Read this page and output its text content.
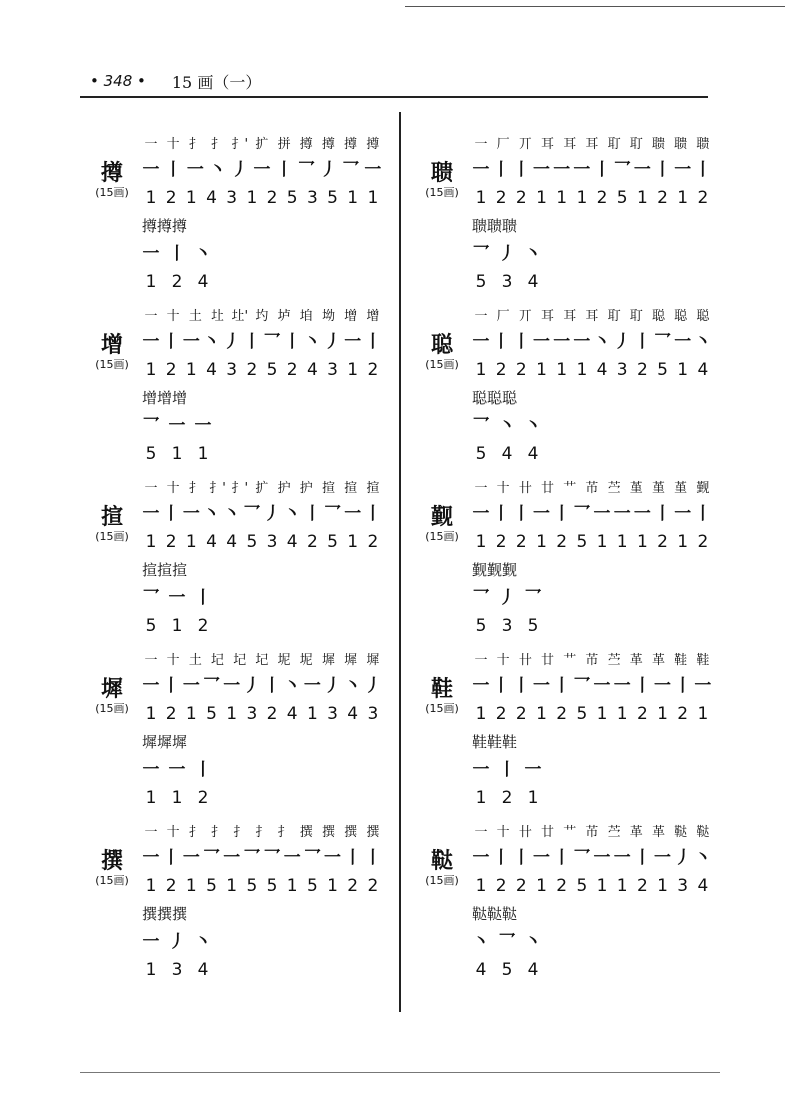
• 348 • 15 画（一）
撙
(15画)
一 十 扌 扌 扌' 扩 拼 撙 撙 撙 撙
一 丨 一 丶 丿 一 丨 乛 丿 乛 一
1 2 1 4 3 1 2 5 3 5 1 1
撙撙撙
一 丨 丶
1 2 4
增
(15画)
一 十 土 圵 圵' 圴 垆 垍 坳 增 增
一 丨 一 丶 丿 丨 乛 丨 丶 丿 一 丨
1 2 1 4 3 2 5 2 4 3 1 2
增增增
乛 一 一
5 1 1
揎
(15画)
一 十 扌 扌' 扌' 扩 护 护 揎 揎 揎
一 丨 一 丶 丶 乛 丿 丶 丨 乛 一 丨
1 2 1 4 4 5 3 4 2 5 1 2
揎揎揎
乛 一 丨
5 1 2
墀
(15画)
一 十 土 圮 圮 圮 坭 坭 墀 墀 墀
一 丨 一 乛 一 丿 丨 丶 一 丿 丶 丿
1 2 1 5 1 3 2 4 1 3 4 3
墀墀墀
一 一 丨
1 1 2
撰
(15画)
一 十 扌 扌 扌 扌 扌 撰 撰 撰 撰
一 丨 一 乛 一 乛 乛 一 乛 一 丨 丨
1 2 1 5 1 5 5 1 5 1 2 2
撰撰撰
一 丿 丶
1 3 4
聩
(15画)
一 厂 丌 耳 耳 耳 耵 耵 聩 聩 聩
一 丨 丨 一 一 一 丨 乛 一 丨 一 丨
1 2 2 1 1 1 2 5 1 2 1 2
聩聩聩
乛 丿 丶
5 3 4
聪
(15画)
一 厂 丌 耳 耳 耳 耵 耵 聪 聪 聪
一 丨 丨 一 一 一 丶 丿 丨 乛 一 丶
1 2 2 1 1 1 4 3 2 5 1 4
聪聪聪
乛 丶 丶
5 4 4
觐
(15画)
一 十 卄 廿 艹 芇 苎 堇 堇 堇 觐
一 丨 丨 一 丨 乛 一 一 一 丨 一 丨
1 2 2 1 2 5 1 1 1 2 1 2
觐觐觐
乛 丿 乛
5 3 5
鞋
(15画)
一 十 卄 廿 艹 芇 苎 革 革 鞋 鞋
一 丨 丨 一 丨 乛 一 一 丨 一 丨 一
1 2 2 1 2 5 1 1 2 1 2 1
鞋鞋鞋
一 丨 一
1 2 1
鞑
(15画)
一 十 卄 廿 艹 芇 苎 革 革 鞑 鞑
一 丨 丨 一 丨 乛 一 一 丨 一 丿 丶
1 2 2 1 2 5 1 1 2 1 3 4
鞑鞑鞑
丶 乛 丶
4 5 4
